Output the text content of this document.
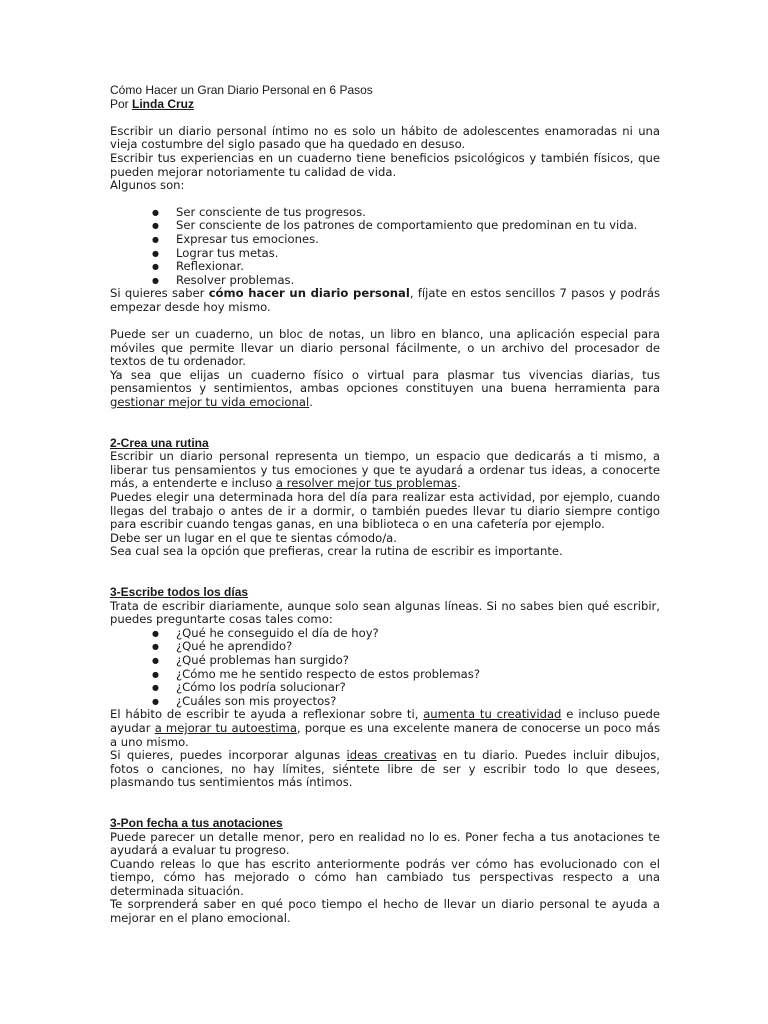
Cómo Hacer un Gran Diario Personal en 6 Pasos

Por Linda Cruz

Escribir un diario personal íntimo no es solo un hábito de adolescentes enamoradas ni una vieja costumbre del siglo pasado que ha quedado en desuso.

Escribir tus experiencias en un cuaderno tiene beneficios psicológicos y también físicos, que pueden mejorar notoriamente tu calidad de vida.

Algunos son:

● Ser consciente de tus progresos.
● Ser consciente de los patrones de comportamiento que predominan en tu vida.
● Expresar tus emociones.
● Lograr tus metas.
● Reflexionar.
● Resolver problemas.

Si quieres saber cómo hacer un diario personal, fíjate en estos sencillos 7 pasos y podrás empezar desde hoy mismo.

Puede ser un cuaderno, un bloc de notas, un libro en blanco, una aplicación especial para móviles que permite llevar un diario personal fácilmente, o un archivo del procesador de textos de tu ordenador.

Ya sea que elijas un cuaderno físico o virtual para plasmar tus vivencias diarias, tus pensamientos y sentimientos, ambas opciones constituyen una buena herramienta para gestionar mejor tu vida emocional.

2-Crea una rutina

Escribir un diario personal representa un tiempo, un espacio que dedicarás a ti mismo, a liberar tus pensamientos y tus emociones y que te ayudará a ordenar tus ideas, a conocerte más, a entenderte e incluso a resolver mejor tus problemas.

Puedes elegir una determinada hora del día para realizar esta actividad, por ejemplo, cuando llegas del trabajo o antes de ir a dormir, o también puedes llevar tu diario siempre contigo para escribir cuando tengas ganas, en una biblioteca o en una cafetería por ejemplo.

Debe ser un lugar en el que te sientas cómodo/a.

Sea cual sea la opción que prefieras, crear la rutina de escribir es importante.

3-Escribe todos los días

Trata de escribir diariamente, aunque solo sean algunas líneas. Si no sabes bien qué escribir, puedes preguntarte cosas tales como:

● ¿Qué he conseguido el día de hoy?
● ¿Qué he aprendido?
● ¿Qué problemas han surgido?
● ¿Cómo me he sentido respecto de estos problemas?
● ¿Cómo los podría solucionar?
● ¿Cuáles son mis proyectos?

El hábito de escribir te ayuda a reflexionar sobre ti, aumenta tu creatividad e incluso puede ayudar a mejorar tu autoestima, porque es una excelente manera de conocerse un poco más a uno mismo.

Si quieres, puedes incorporar algunas ideas creativas en tu diario. Puedes incluir dibujos, fotos o canciones, no hay límites, siéntete libre de ser y escribir todo lo que desees, plasmando tus sentimientos más íntimos.

3-Pon fecha a tus anotaciones

Puede parecer un detalle menor, pero en realidad no lo es. Poner fecha a tus anotaciones te ayudará a evaluar tu progreso.

Cuando releas lo que has escrito anteriormente podrás ver cómo has evolucionado con el tiempo, cómo has mejorado o cómo han cambiado tus perspectivas respecto a una determinada situación.

Te sorprenderá saber en qué poco tiempo el hecho de llevar un diario personal te ayuda a mejorar en el plano emocional.
